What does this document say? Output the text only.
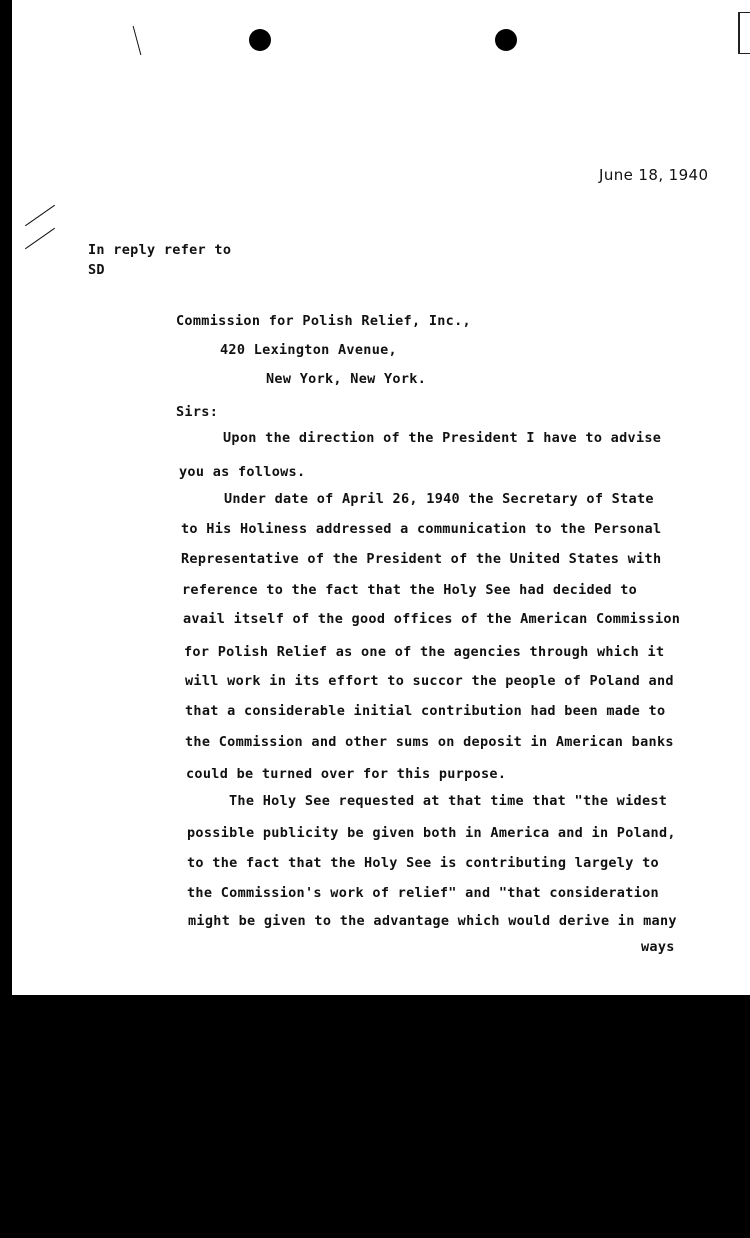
June 18, 1940
In reply refer to
SD
Commission for Polish Relief, Inc.,
420 Lexington Avenue,
New York, New York.
Sirs:
Upon the direction of the President I have to advise
you as follows.
Under date of April 26, 1940 the Secretary of State
to His Holiness addressed a communication to the Personal
Representative of the President of the United States with
reference to the fact that the Holy See had decided to
avail itself of the good offices of the American Commission
for Polish Relief as one of the agencies through which it
will work in its effort to succor the people of Poland and
that a considerable initial contribution had been made to
the Commission and other sums on deposit in American banks
could be turned over for this purpose.
The Holy See requested at that time that "the widest
possible publicity be given both in America and in Poland,
to the fact that the Holy See is contributing largely to
the Commission's work of relief" and "that consideration
might be given to the advantage which would derive in many
ways
